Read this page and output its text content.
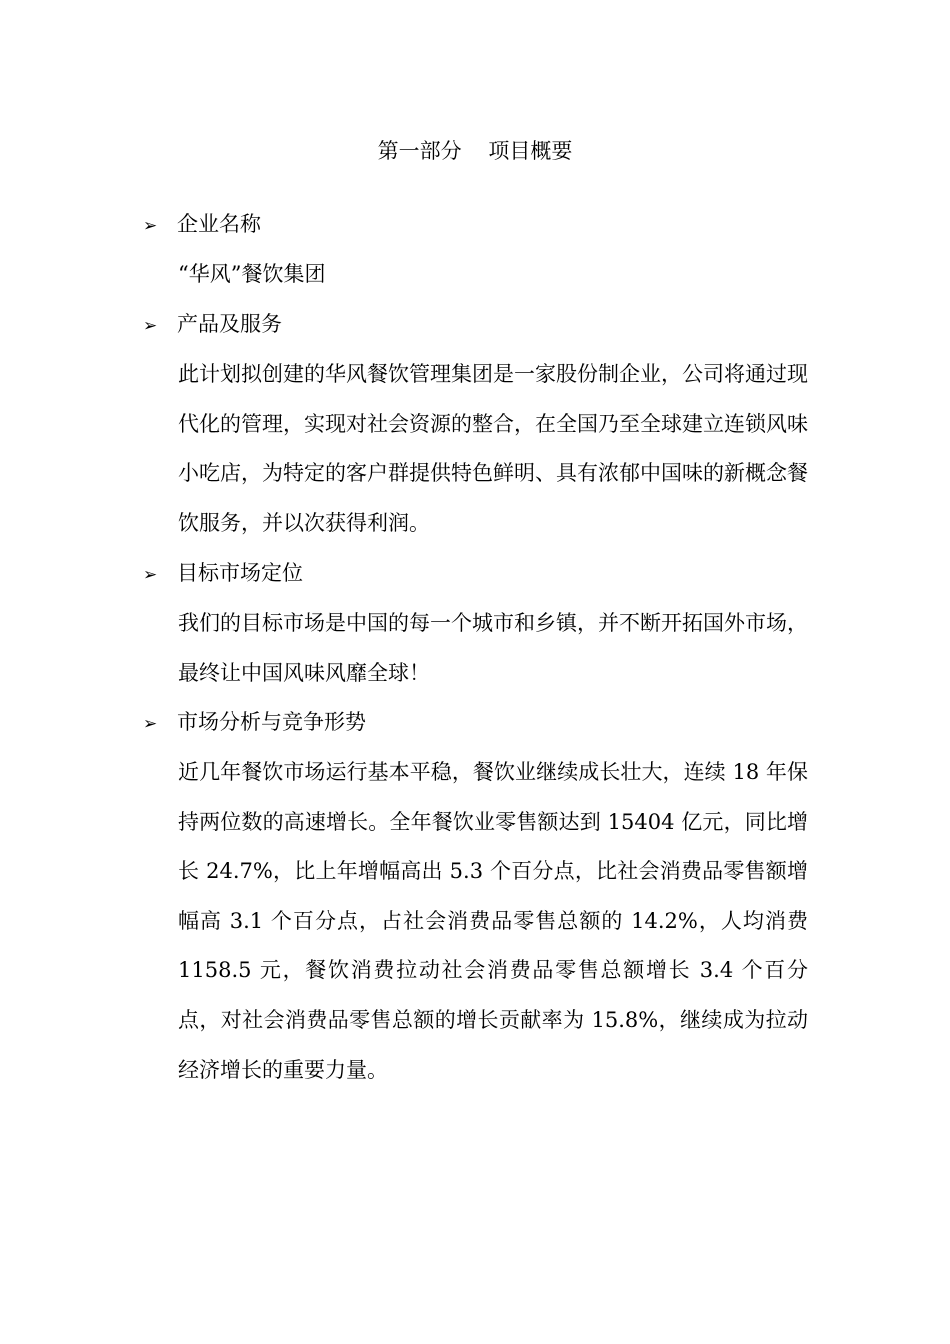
第一部分    项目概要
➢ 企业名称
“华风”餐饮集团
➢ 产品及服务
此计划拟创建的华风餐饮管理集团是一家股份制企业，公司将通过现代化的管理，实现对社会资源的整合，在全国乃至全球建立连锁风味小吃店，为特定的客户群提供特色鲜明、具有浓郁中国味的新概念餐饮服务，并以次获得利润。
➢ 目标市场定位
我们的目标市场是中国的每一个城市和乡镇，并不断开拓国外市场，最终让中国风味风靡全球！
➢ 市场分析与竞争形势
近几年餐饮市场运行基本平稳，餐饮业继续成长壮大，连续 18 年保持两位数的高速增长。全年餐饮业零售额达到 15404 亿元，同比增长 24.7%，比上年增幅高出 5.3 个百分点，比社会消费品零售额增幅高 3.1 个百分点，占社会消费品零售总额的 14.2%，人均消费 1158.5 元，餐饮消费拉动社会消费品零售总额增长 3.4 个百分点，对社会消费品零售总额的增长贡献率为 15.8%，继续成为拉动经济增长的重要力量。
